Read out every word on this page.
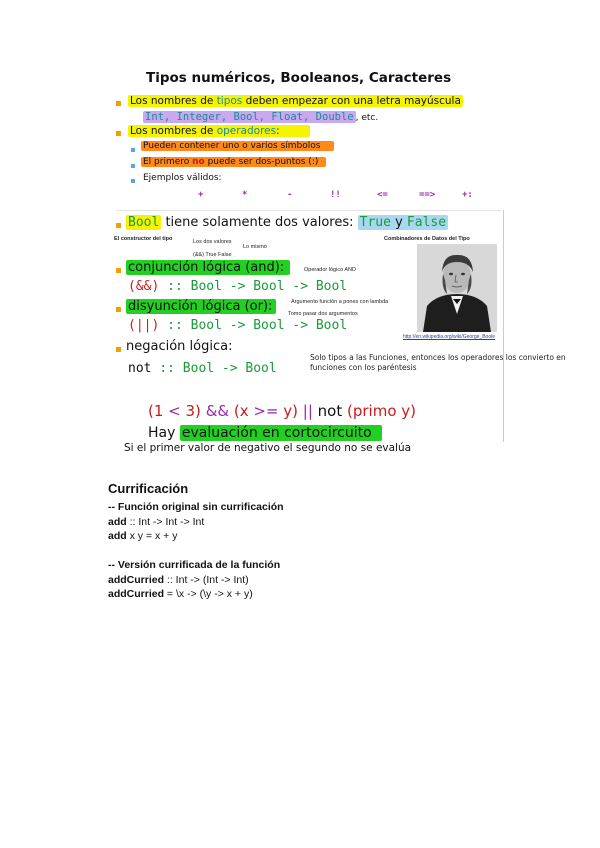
Tipos numéricos, Booleanos, Caracteres
Los nombres de tipos deben empezar con una letra mayúscula
Int, Integer, Bool, Float, Double , etc.
Los nombres de operadores:
Pueden contener uno o varios símbolos
El primero no puede ser dos-puntos (:)
Ejemplos válidos:
+	*	-	!!	<=	==>	+:
Bool tiene solamente dos valores: True y False
El constructor del tipo	Los dos valores
Lo mismo
(&&) True False
Combinadores de Datos del Tipo
conjunción lógica (and):	Operador lógico AND
(&&) :: Bool -> Bool -> Bool
disyunción lógica (or):	Argumento función a pones con lambda
Tomo pasar dos argumentos
(||) :: Bool -> Bool -> Bool
negación lógica:
not :: Bool -> Bool
http://en.wikipedia.org/wiki/George_Boole
Solo tipos a las Funciones, entonces los operadores los convierto en funciones con los paréntesis
(1 < 3) && (x >= y) || not (primo y)
Hay evaluación en cortocircuito
Si el primer valor de negativo el segundo no se evalúa
Currificación
-- Función original sin currificación
add :: Int -> Int -> Int
add x y = x + y
-- Versión currificada de la función
addCurried :: Int -> (Int -> Int)
addCurried = \x -> (\y -> x + y)
